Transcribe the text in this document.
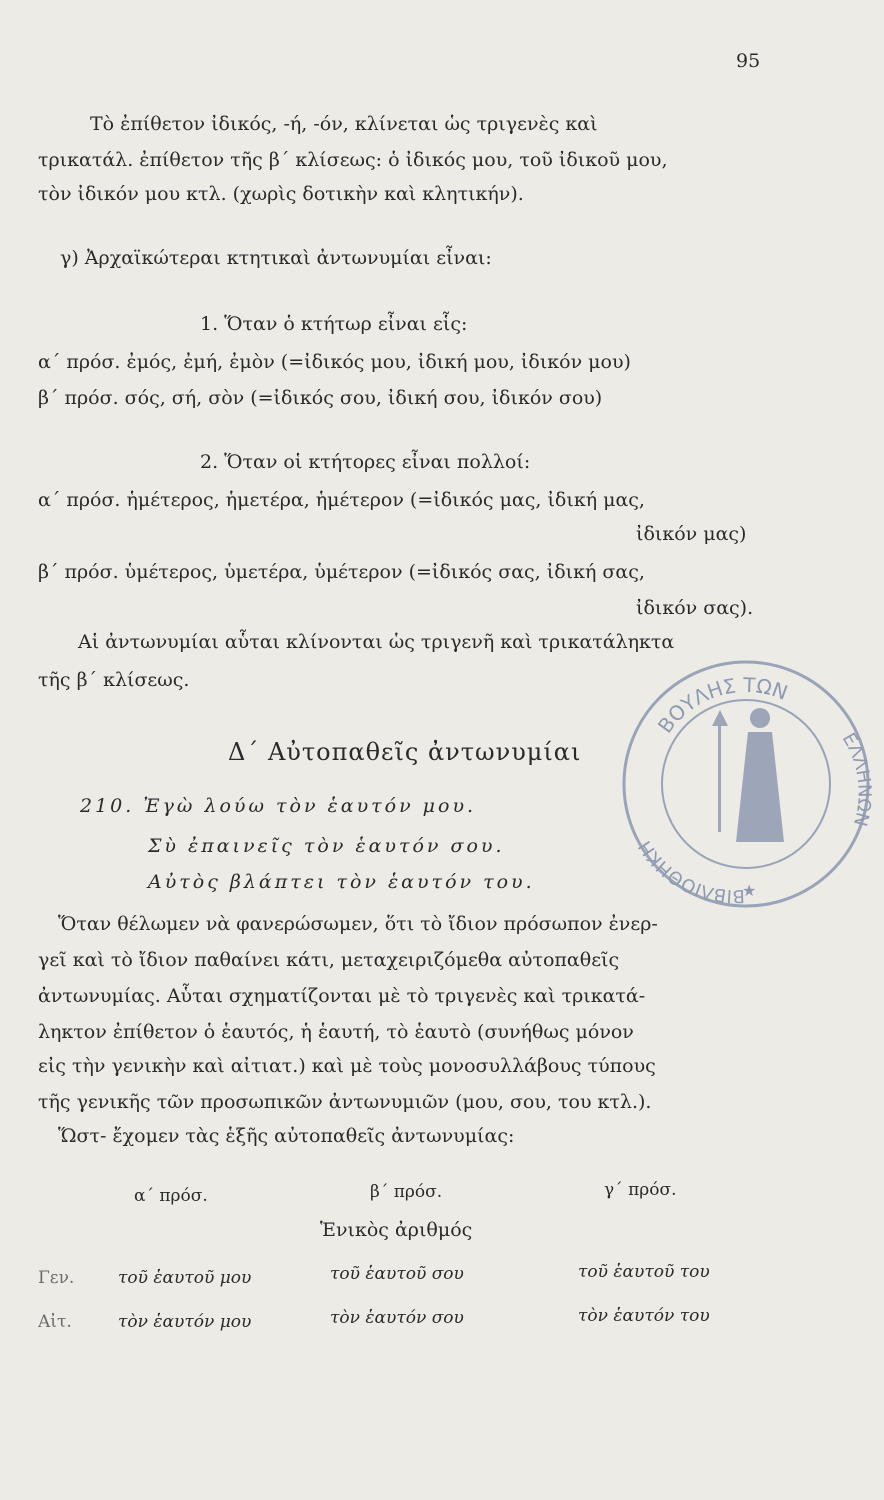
95
Τὸ ἐπίθετον ἰδικός, -ή, -όν, κλίνεται ὡς τριγενὲς καὶ
τρικατάλ. ἐπίθετον τῆς β΄ κλίσεως: ὁ ἰδικός μου, τοῦ ἰδικοῦ μου,
τὸν ἰδικόν μου κτλ. (χωρὶς δοτικὴν καὶ κλητικήν).
γ) Ἀρχαϊκώτεραι κτητικαὶ ἀντωνυμίαι εἶναι:
1. Ὅταν ὁ κτήτωρ εἶναι εἷς:
α΄ πρόσ. ἐμός, ἐμή, ἐμὸν (=ἰδικός μου, ἰδική μου, ἰδικόν μου)
β΄ πρόσ. σός, σή, σὸν (=ἰδικός σου, ἰδική σου, ἰδικόν σου)
2. Ὅταν οἱ κτήτορες εἶναι πολλοί:
α΄ πρόσ. ἡμέτερος, ἡμετέρα, ἡμέτερον (=ἰδικός μας, ἰδική μας,
ἰδικόν μας)
β΄ πρόσ. ὑμέτερος, ὑμετέρα, ὑμέτερον (=ἰδικός σας, ἰδική σας,
ἰδικόν σας).
Αἱ ἀντωνυμίαι αὗται κλίνονται ὡς τριγενῆ καὶ τρικατάληκτα
τῆς β΄ κλίσεως.
ΒΟΥΛΗΣ ΤΩΝ
ΒΙΒΛΙΟΘΗΚΗ
ΕΛΛΗΝΩΝ
★
Δ΄ Αὐτοπαθεῖς ἀντωνυμίαι
210. Ἐγὼ λούω τὸν ἑαυτόν μου.
Σὺ ἐπαινεῖς τὸν ἑαυτόν σου.
Αὐτὸς βλάπτει τὸν ἑαυτόν του.
Ὅταν θέλωμεν νὰ φανερώσωμεν, ὅτι τὸ ἴδιον πρόσωπον ἐνερ-
γεῖ καὶ τὸ ἴδιον παθαίνει κάτι, μεταχειριζόμεθα αὐτοπαθεῖς
ἀντωνυμίας. Αὗται σχηματίζονται μὲ τὸ τριγενὲς καὶ τρικατά-
ληκτον ἐπίθετον ὁ ἑαυτός, ἡ ἑαυτή, τὸ ἑαυτὸ (συνήθως μόνον
εἰς τὴν γενικὴν καὶ αἰτιατ.) καὶ μὲ τοὺς μονοσυλλάβους τύπους
τῆς γενικῆς τῶν προσωπικῶν ἀντωνυμιῶν (μου, σου, του κτλ.).
Ὥστ- ἔχομεν τὰς ἑξῆς αὐτοπαθεῖς ἀντωνυμίας:
α΄ πρόσ.	β΄ πρόσ.	γ΄ πρόσ.
Ἑνικὸς ἀριθμός
Γεν.	τοῦ ἑαυτοῦ μου	τοῦ ἑαυτοῦ σου	τοῦ ἑαυτοῦ του
Αἰτ.	τὸν ἑαυτόν μου	τὸν ἑαυτόν σου	τὸν ἑαυτόν του
